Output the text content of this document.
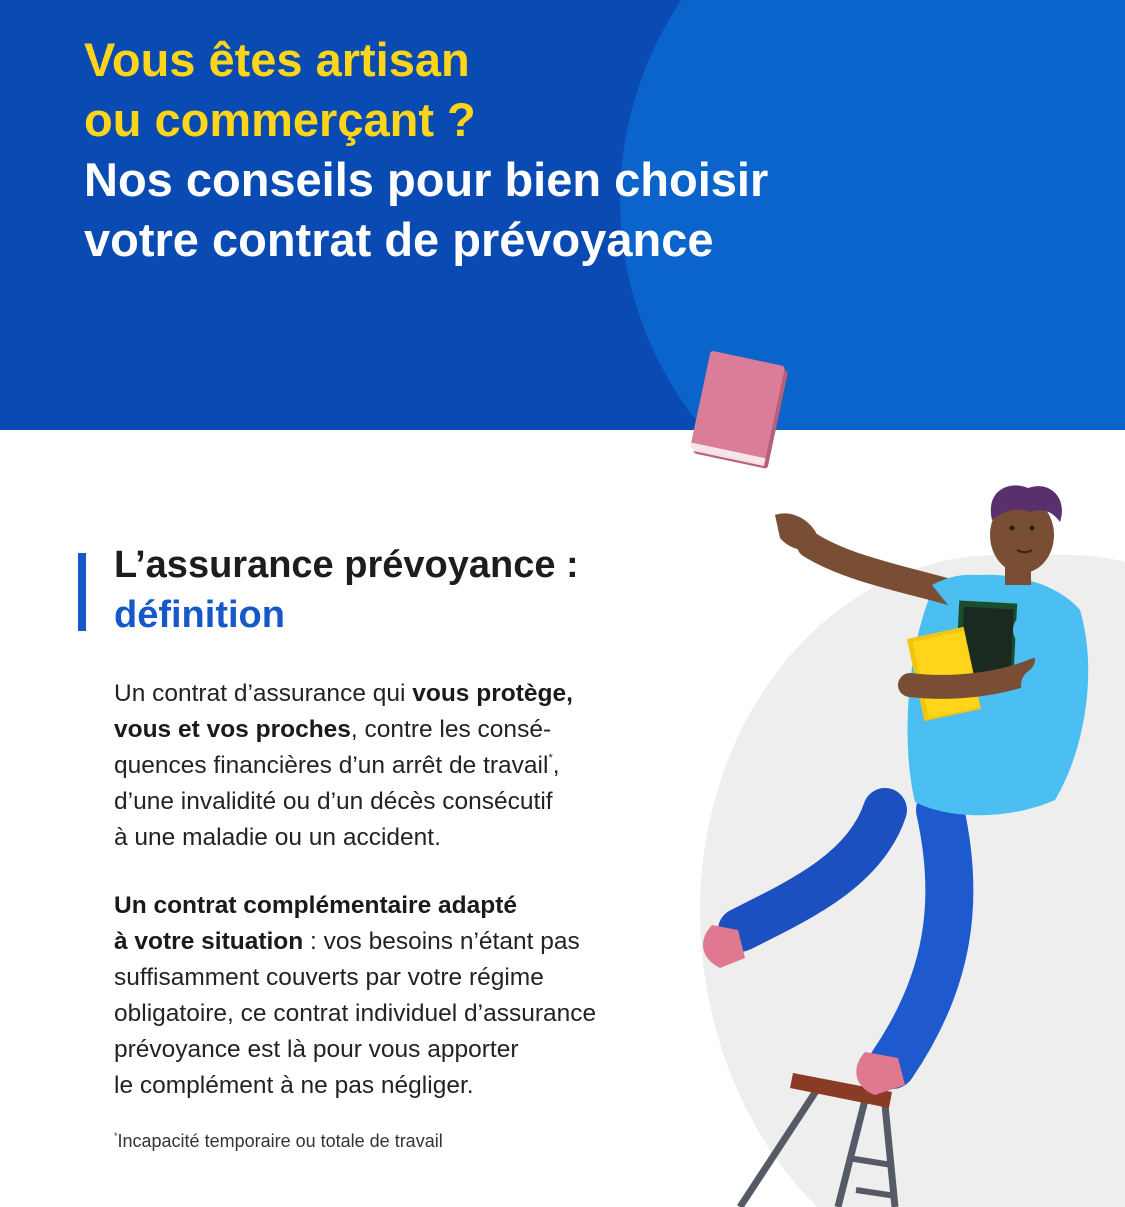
Vous êtes artisan
ou commerçant ?
Nos conseils pour bien choisir
votre contrat de prévoyance
L’assurance prévoyance :
définition
Un contrat d’assurance qui vous protège,
vous et vos proches, contre les consé-
quences financières d’un arrêt de travail*,
d’une invalidité ou d’un décès consécutif
à une maladie ou un accident.
Un contrat complémentaire adapté
à votre situation : vos besoins n’étant pas
suffisamment couverts par votre régime
obligatoire, ce contrat individuel d’assurance
prévoyance est là pour vous apporter
le complément à ne pas négliger.
*Incapacité temporaire ou totale de travail
